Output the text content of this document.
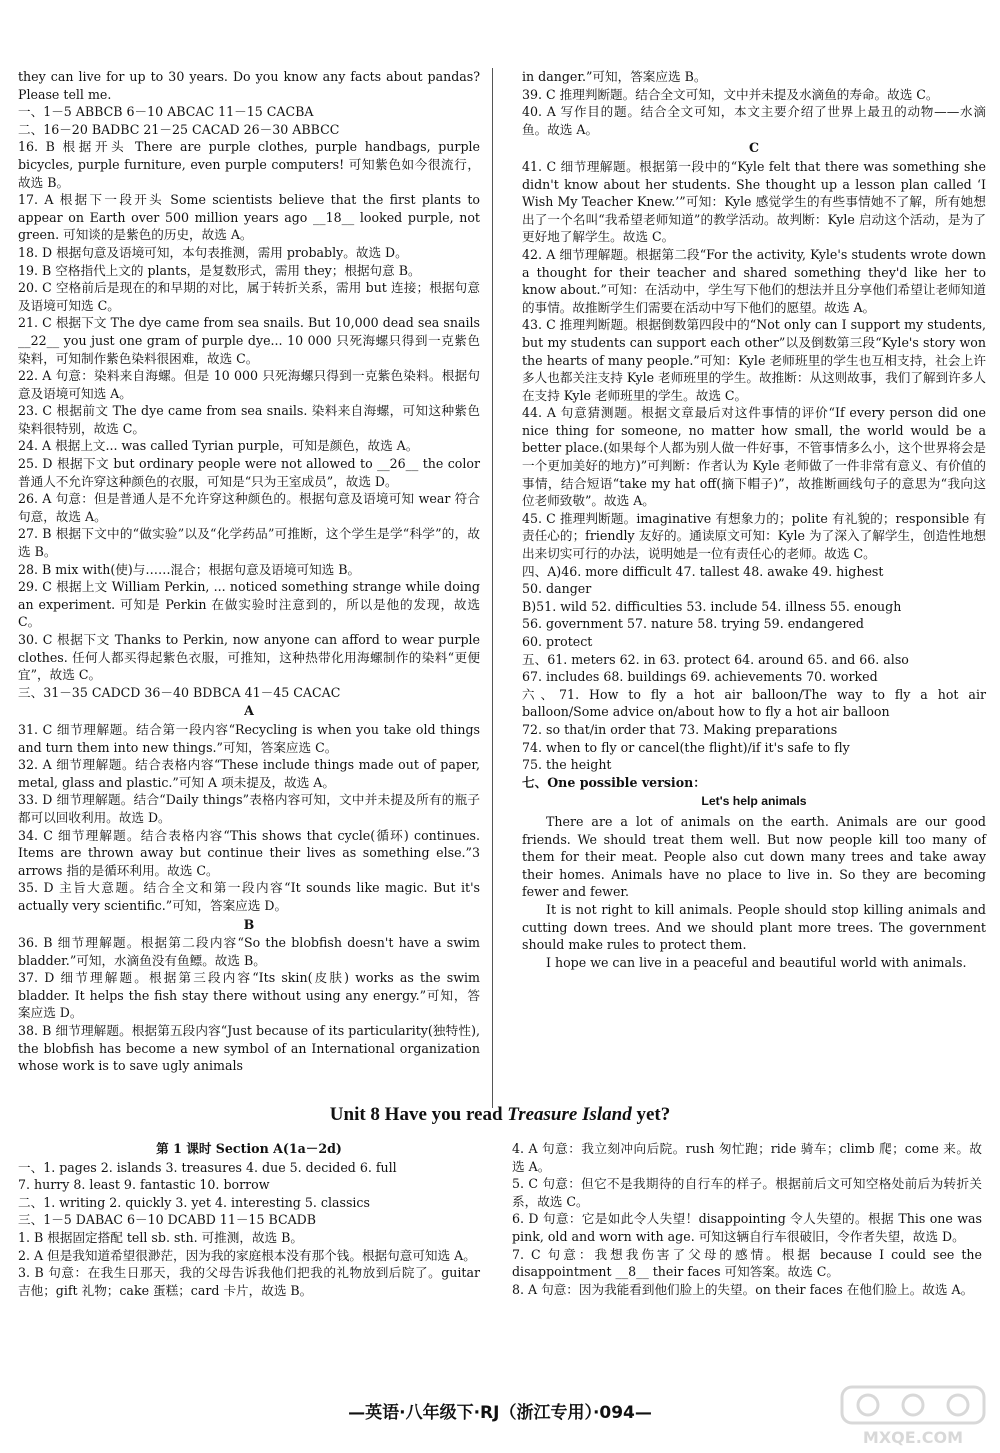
they can live for up to 30 years. Do you know any facts about pandas? Please tell me.

一、1－5 ABBCB 6－10 ABCAC 11－15 CACBA

二、16－20 BADBC 21－25 CACAD 26－30 ABBCC

16. B 根据开头 There are purple clothes, purple handbags, purple bicycles, purple furniture, even purple computers! 可知紫色如今很流行，故选 B。

17. A 根据下一段开头 Some scientists believe that the first plants to appear on Earth over 500 million years ago __18__ looked purple, not green. 可知谈的是紫色的历史，故选 A。

18. D 根据句意及语境可知，本句表推测，需用 probably。故选 D。

19. B 空格指代上文的 plants，是复数形式，需用 they；根据句意 B。

20. C 空格前后是现在的和早期的对比，属于转折关系，需用 but 连接；根据句意及语境可知选 C。

21. C 根据下文 The dye came from sea snails. But 10,000 dead sea snails __22__ you just one gram of purple dye... 10 000 只死海螺只得到一克紫色染料，可知制作紫色染料很困难，故选 C。

22. A 句意：染料来自海螺。但是 10 000 只死海螺只得到一克紫色染料。根据句意及语境可知选 A。

23. C 根据前文 The dye came from sea snails. 染料来自海螺，可知这种紫色染料很特别，故选 C。

24. A 根据上文... was called Tyrian purple，可知是颜色，故选 A。

25. D 根据下文 but ordinary people were not allowed to __26__ the color 普通人不允许穿这种颜色的衣服，可知是“只为王室成员”，故选 D。

26. A 句意：但是普通人是不允许穿这种颜色的。根据句意及语境可知 wear 符合句意，故选 A。

27. B 根据下文中的“做实验”以及“化学药品”可推断，这个学生是学“科学”的，故选 B。

28. B mix with(使)与……混合；根据句意及语境可知选 B。

29. C 根据上文 William Perkin, ... noticed something strange while doing an experiment. 可知是 Perkin 在做实验时注意到的，所以是他的发现，故选 C。

30. C 根据下文 Thanks to Perkin, now anyone can afford to wear purple clothes. 任何人都买得起紫色衣服，可推知，这种热带化用海螺制作的染料“更便宜”，故选 C。

三、31－35 CADCD 36－40 BDBCA 41－45 CACAC

A

31. C 细节理解题。结合第一段内容“Recycling is when you take old things and turn them into new things.”可知，答案应选 C。

32. A 细节理解题。结合表格内容“These include things made out of paper, metal, glass and plastic.”可知 A 项未提及，故选 A。

33. D 细节理解题。结合“Daily things”表格内容可知，文中并未提及所有的瓶子都可以回收利用。故选 D。

34. C 细节理解题。结合表格内容“This shows that cycle(循环) continues. Items are thrown away but continue their lives as something else.”3 arrows 指的是循环利用。故选 C。

35. D 主旨大意题。结合全文和第一段内容“It sounds like magic. But it's actually very scientific.”可知，答案应选 D。

B

36. B 细节理解题。根据第二段内容“So the blobfish doesn't have a swim bladder.”可知，水滴鱼没有鱼鳔。故选 B。

37. D 细节理解题。根据第三段内容“Its skin(皮肤) works as the swim bladder. It helps the fish stay there without using any energy.”可知，答案应选 D。

38. B 细节理解题。根据第五段内容“Just because of its particularity(独特性), the blobfish has become a new symbol of an International organization whose work is to save ugly animals

in danger.”可知，答案应选 B。

39. C 推理判断题。结合全文可知，文中并未提及水滴鱼的寿命。故选 C。

40. A 写作目的题。结合全文可知，本文主要介绍了世界上最丑的动物——水滴鱼。故选 A。

C

41. C 细节理解题。根据第一段中的“Kyle felt that there was something she didn't know about her students. She thought up a lesson plan called ‘I Wish My Teacher Knew.’”可知：Kyle 感觉学生的有些事情她不了解，所有她想出了一个名叫“我希望老师知道”的教学活动。故判断：Kyle 启动这个活动，是为了更好地了解学生。故选 C。

42. A 细节理解题。根据第二段“For the activity, Kyle's students wrote down a thought for their teacher and shared something they'd like her to know about.”可知：在活动中，学生写下他们的想法并且分享他们希望让老师知道的事情。故推断学生们需要在活动中写下他们的愿望。故选 A。

43. C 推理判断题。根据倒数第四段中的“Not only can I support my students, but my students can support each other”以及倒数第三段“Kyle's story won the hearts of many people.”可知：Kyle 老师班里的学生也互相支持，社会上许多人也都关注支持 Kyle 老师班里的学生。故推断：从这则故事，我们了解到许多人在支持 Kyle 老师班里的学生。故选 C。

44. A 句意猜测题。根据文章最后对这件事情的评价“If every person did one nice thing for someone, no matter how small, the world would be a better place.(如果每个人都为别人做一件好事，不管事情多么小，这个世界将会是一个更加美好的地方)”可判断：作者认为 Kyle 老师做了一件非常有意义、有价值的事情，结合短语“take my hat off(摘下帽子)”，故推断画线句子的意思为“我向这位老师致敬”。故选 A。

45. C 推理判断题。imaginative 有想象力的；polite 有礼貌的；responsible 有责任心的；friendly 友好的。通读原文可知：Kyle 为了深入了解学生，创造性地想出来切实可行的办法，说明她是一位有责任心的老师。故选 C。

四、A)46. more difficult 47. tallest 48. awake 49. highest

50. danger

B)51. wild 52. difficulties 53. include 54. illness 55. enough

56. government 57. nature 58. trying 59. endangered

60. protect

五、61. meters 62. in 63. protect 64. around 65. and 66. also

67. includes 68. buildings 69. achievements 70. worked

六、71. How to fly a hot air balloon/The way to fly a hot air balloon/Some advice on/about how to fly a hot air balloon

72. so that/in order that 73. Making preparations

74. when to fly or cancel(the flight)/if it's safe to fly

75. the height

七、One possible version：

Let's help animals

There are a lot of animals on the earth. Animals are our good friends. We should treat them well. But now people kill too many of them for their meat. People also cut down many trees and take away their homes. Animals have no place to live in. So they are becoming fewer and fewer.

It is not right to kill animals. People should stop killing animals and cutting down trees. And we should plant more trees. The government should make rules to protect them.

I hope we can live in a peaceful and beautiful world with animals.

Unit 8 Have you read Treasure Island yet?

第 1 课时 Section A(1a－2d)

一、1. pages 2. islands 3. treasures 4. due 5. decided 6. full

7. hurry 8. least 9. fantastic 10. borrow

二、1. writing 2. quickly 3. yet 4. interesting 5. classics

三、1－5 DABAC 6－10 DCABD 11－15 BCADB

1. B 根据固定搭配 tell sb. sth. 可推测，故选 B。

2. A 但是我知道希望很渺茫，因为我的家庭根本没有那个钱。根据句意可知选 A。

3. B 句意：在我生日那天，我的父母告诉我他们把我的礼物放到后院了。guitar 吉他；gift 礼物；cake 蛋糕；card 卡片，故选 B。

4. A 句意：我立刻冲向后院。rush 匆忙跑；ride 骑车；climb 爬；come 来。故选 A。

5. C 句意：但它不是我期待的自行车的样子。根据前后文可知空格处前后为转折关系，故选 C。

6. D 句意：它是如此令人失望！disappointing 令人失望的。根据 This one was pink, old and worn with age. 可知这辆自行车很破旧，令作者失望，故选 D。

7. C 句意：我想我伤害了父母的感情。根据 because I could see the disappointment __8__ their faces 可知答案。故选 C。

8. A 句意：因为我能看到他们脸上的失望。on their faces 在他们脸上。故选 A。

—英语·八年级下·RJ（浙江专用）·094—
MXQE.COM
